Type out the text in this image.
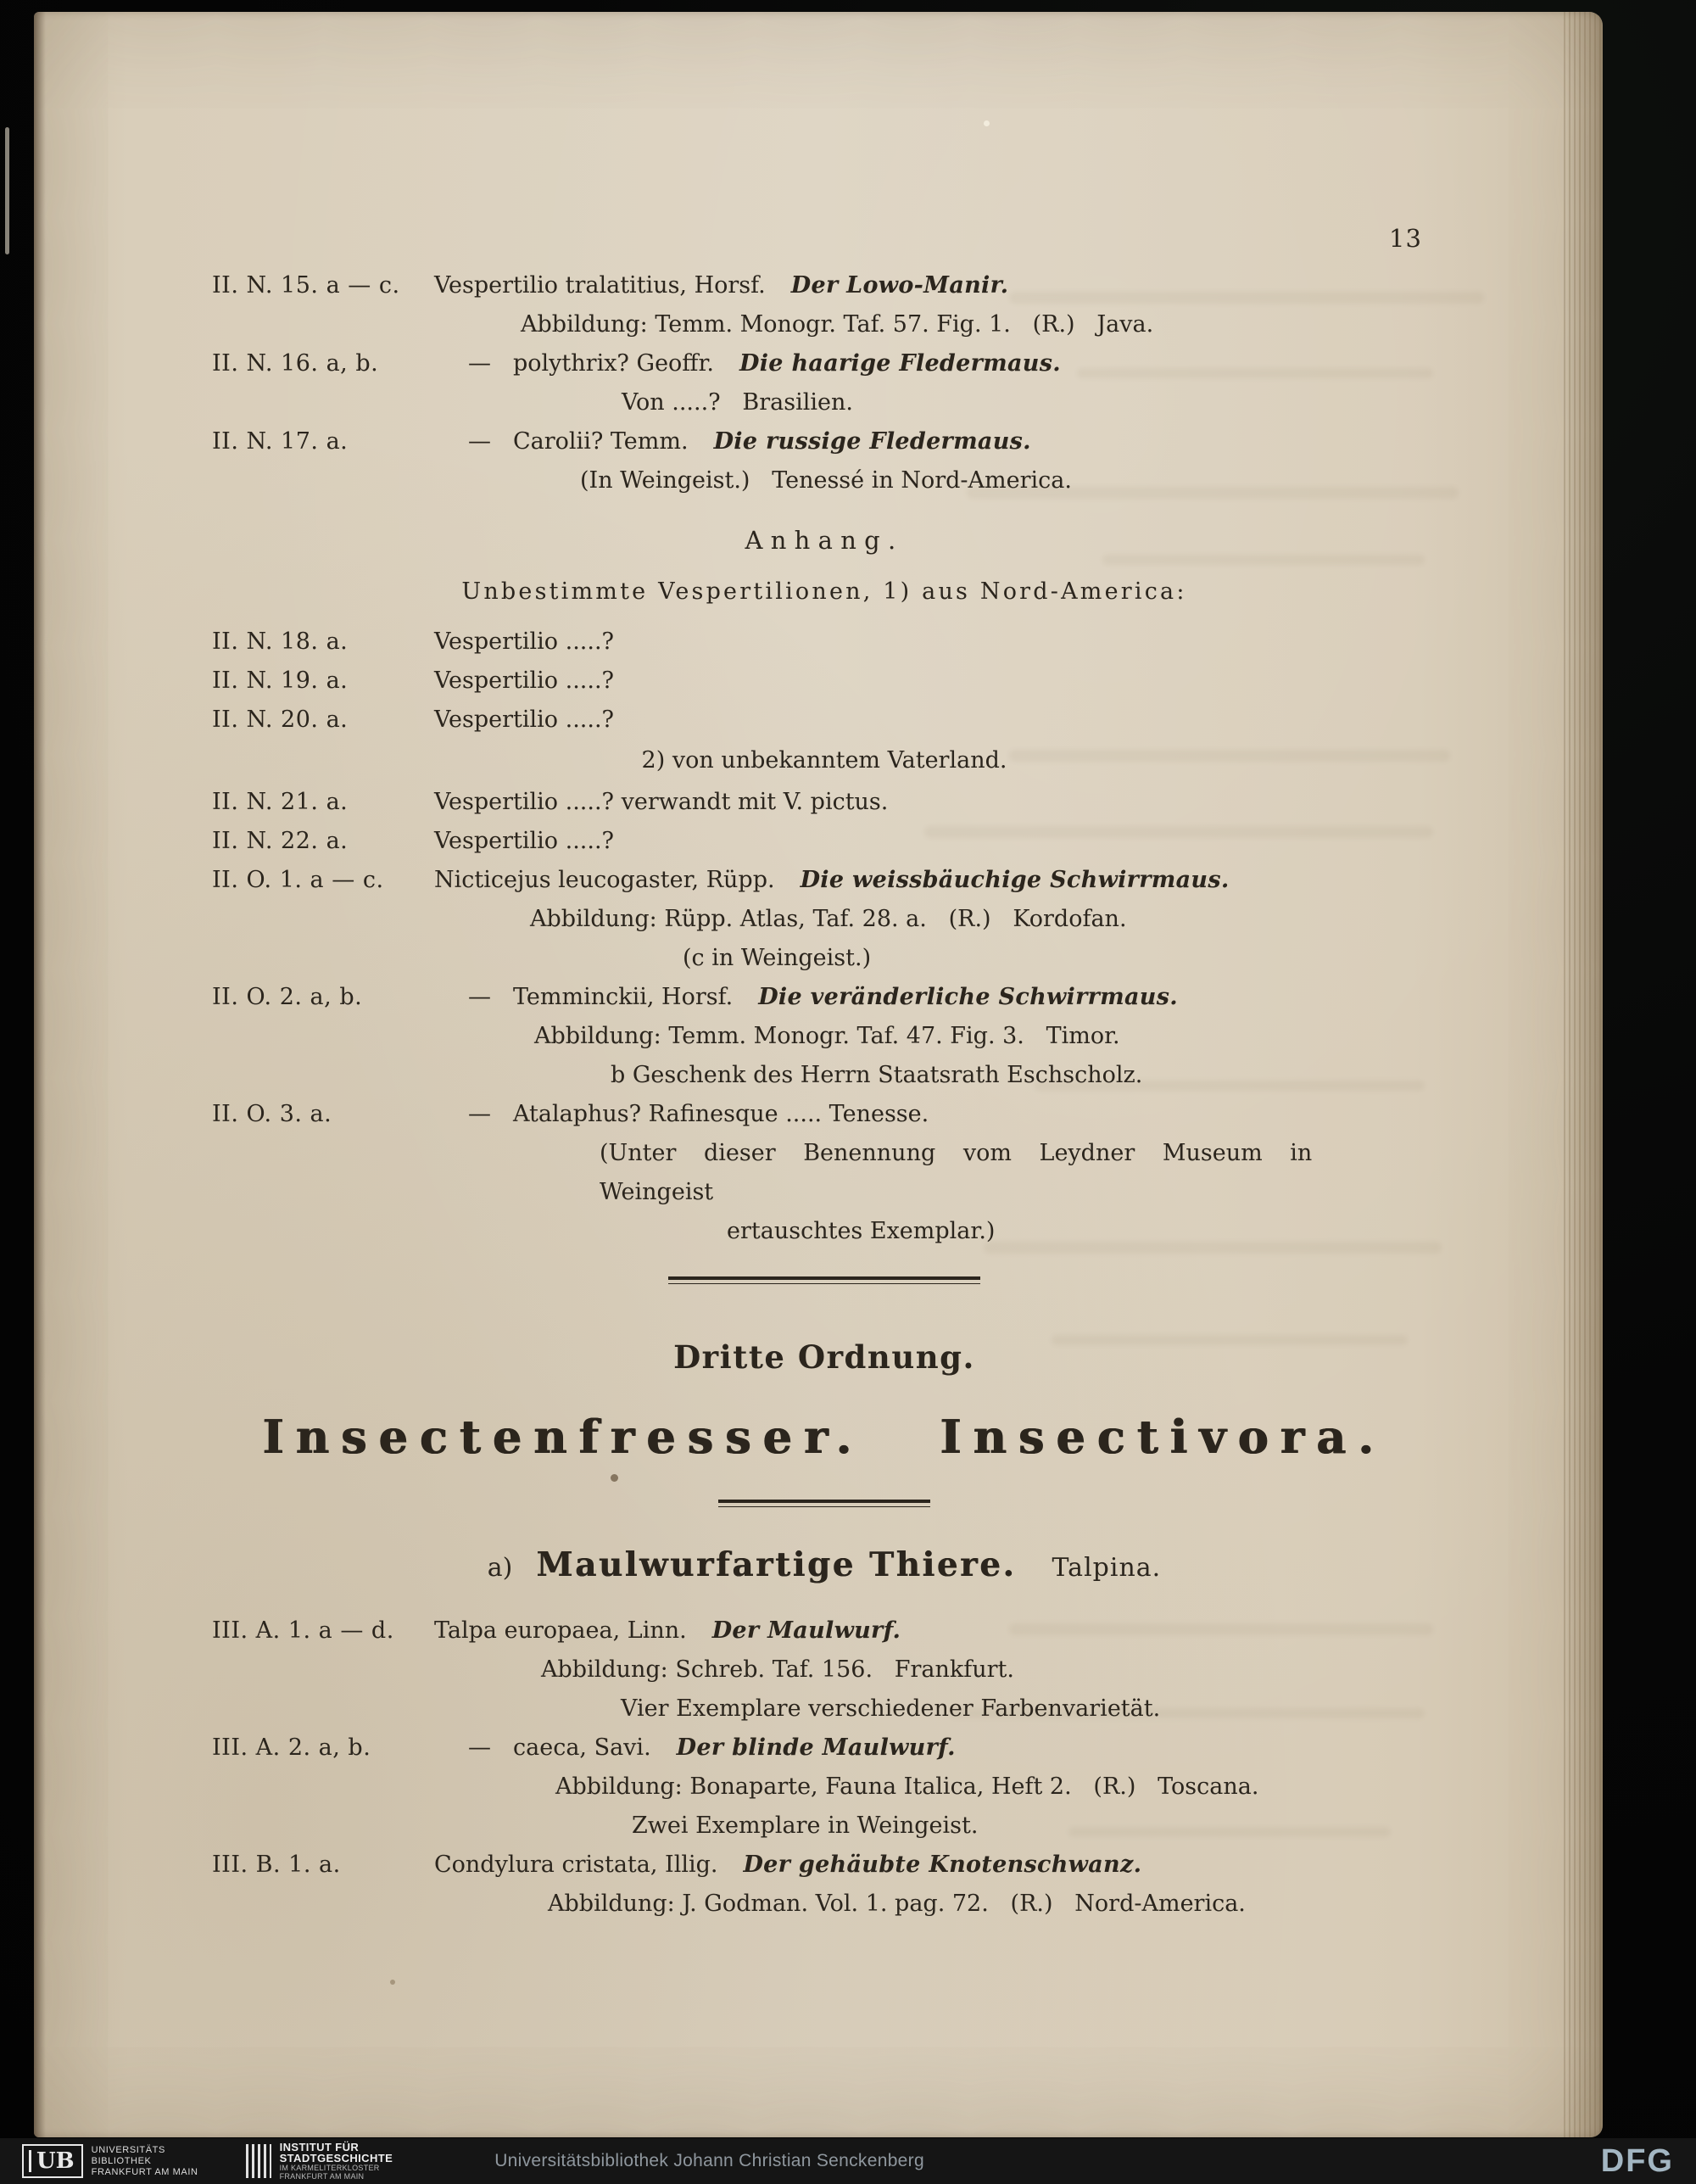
13
II. N. 15. a — c.	Vespertilio tralatitius, Horsf. Der Lowo-Manir.
Abbildung: Temm. Monogr. Taf. 57. Fig. 1.   (R.)   Java.
II. N. 16. a, b.	— polythrix? Geoffr. Die haarige Fledermaus.
Von .....?   Brasilien.
II. N. 17. a.	— Carolii? Temm. Die russige Fledermaus.
(In Weingeist.)   Tenessé in Nord-America.
Anhang.
Unbestimmte Vespertilionen, 1) aus Nord-America:
II. N. 18. a.	Vespertilio .....?
II. N. 19. a.	Vespertilio .....?
II. N. 20. a.	Vespertilio .....?
2) von unbekanntem Vaterland.
II. N. 21. a.	Vespertilio .....? verwandt mit V. pictus.
II. N. 22. a.	Vespertilio .....?
II. O. 1. a — c.	Nicticejus leucogaster, Rüpp. Die weissbäuchige Schwirrmaus.
Abbildung: Rüpp. Atlas, Taf. 28. a.   (R.)   Kordofan.
(c in Weingeist.)
II. O. 2. a, b.	— Temminckii, Horsf. Die veränderliche Schwirrmaus.
Abbildung: Temm. Monogr. Taf. 47. Fig. 3.   Timor.
b Geschenk des Herrn Staatsrath Eschscholz.
II. O. 3. a.	— Atalaphus? Rafinesque ..... Tenesse.
(Unter dieser Benennung vom Leydner Museum in Weingeist
ertauschtes Exemplar.)
Dritte Ordnung.
Insectenfresser. Insectivora.
a) Maulwurfartige Thiere. Talpina.
III. A. 1. a — d.	Talpa europaea, Linn. Der Maulwurf.
Abbildung: Schreb. Taf. 156.   Frankfurt.
Vier Exemplare verschiedener Farbenvarietät.
III. A. 2. a, b.	— caeca, Savi. Der blinde Maulwurf.
Abbildung: Bonaparte, Fauna Italica, Heft 2.   (R.)   Toscana.
Zwei Exemplare in Weingeist.
III. B. 1. a.	Condylura cristata, Illig. Der gehäubte Knotenschwanz.
Abbildung: J. Godman. Vol. 1. pag. 72.   (R.)   Nord-America.
UB UNIVERSITÄTS
BIBLIOTHEK
FRANKFURT AM MAIN
INSTITUT FÜR
STADTGESCHICHTE
IM KARMELITERKLOSTER
FRANKFURT AM MAIN
Universitätsbibliothek Johann Christian Senckenberg	DFG
